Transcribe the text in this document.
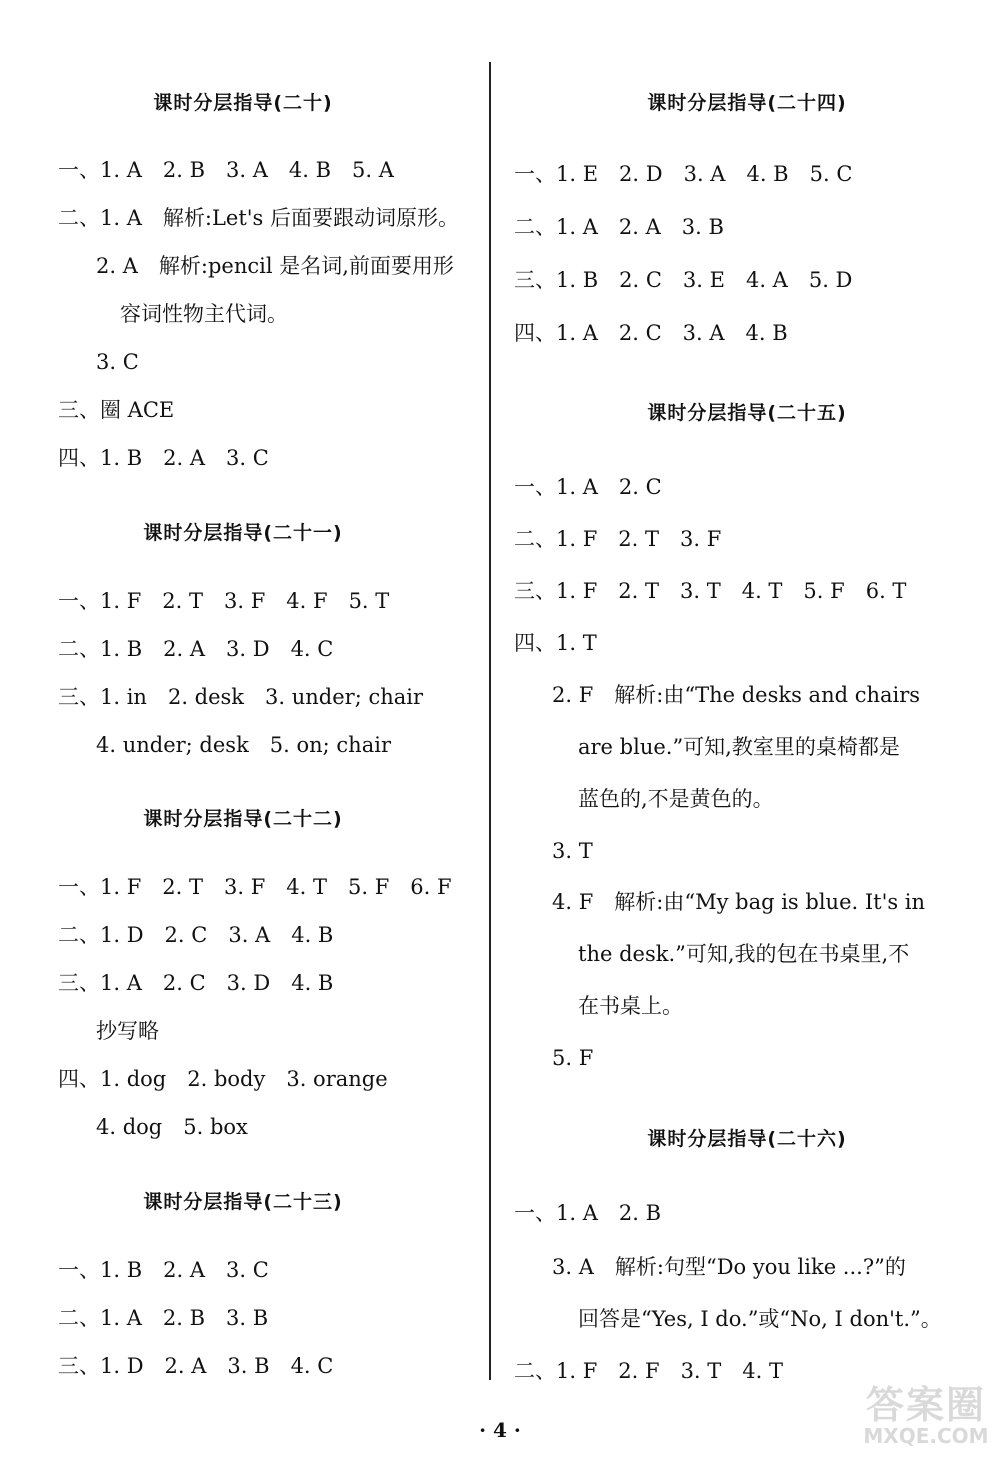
课时分层指导(二十)
一、1. A　2. B　3. A　4. B　5. A
二、1. A　解析:Let's 后面要跟动词原形。
2. A　解析:pencil 是名词,前面要用形
容词性物主代词。
3. C
三、圈 ACE
四、1. B　2. A　3. C
课时分层指导(二十一)
一、1. F　2. T　3. F　4. F　5. T
二、1. B　2. A　3. D　4. C
三、1. in　2. desk　3. under; chair
4. under; desk　5. on; chair
课时分层指导(二十二)
一、1. F　2. T　3. F　4. T　5. F　6. F
二、1. D　2. C　3. A　4. B
三、1. A　2. C　3. D　4. B
抄写略
四、1. dog　2. body　3. orange
4. dog　5. box
课时分层指导(二十三)
一、1. B　2. A　3. C
二、1. A　2. B　3. B
三、1. D　2. A　3. B　4. C
课时分层指导(二十四)
一、1. E　2. D　3. A　4. B　5. C
二、1. A　2. A　3. B
三、1. B　2. C　3. E　4. A　5. D
四、1. A　2. C　3. A　4. B
课时分层指导(二十五)
一、1. A　2. C
二、1. F　2. T　3. F
三、1. F　2. T　3. T　4. T　5. F　6. T
四、1. T
2. F　解析:由“The desks and chairs
are blue.”可知,教室里的桌椅都是
蓝色的,不是黄色的。
3. T
4. F　解析:由“My bag is blue. It's in
the desk.”可知,我的包在书桌里,不
在书桌上。
5. F
课时分层指导(二十六)
一、1. A　2. B
3. A　解析:句型“Do you like ...?”的
回答是“Yes, I do.”或“No, I don't.”。
二、1. F　2. F　3. T　4. T
· 4 ·
答案圈
MXQE.COM
